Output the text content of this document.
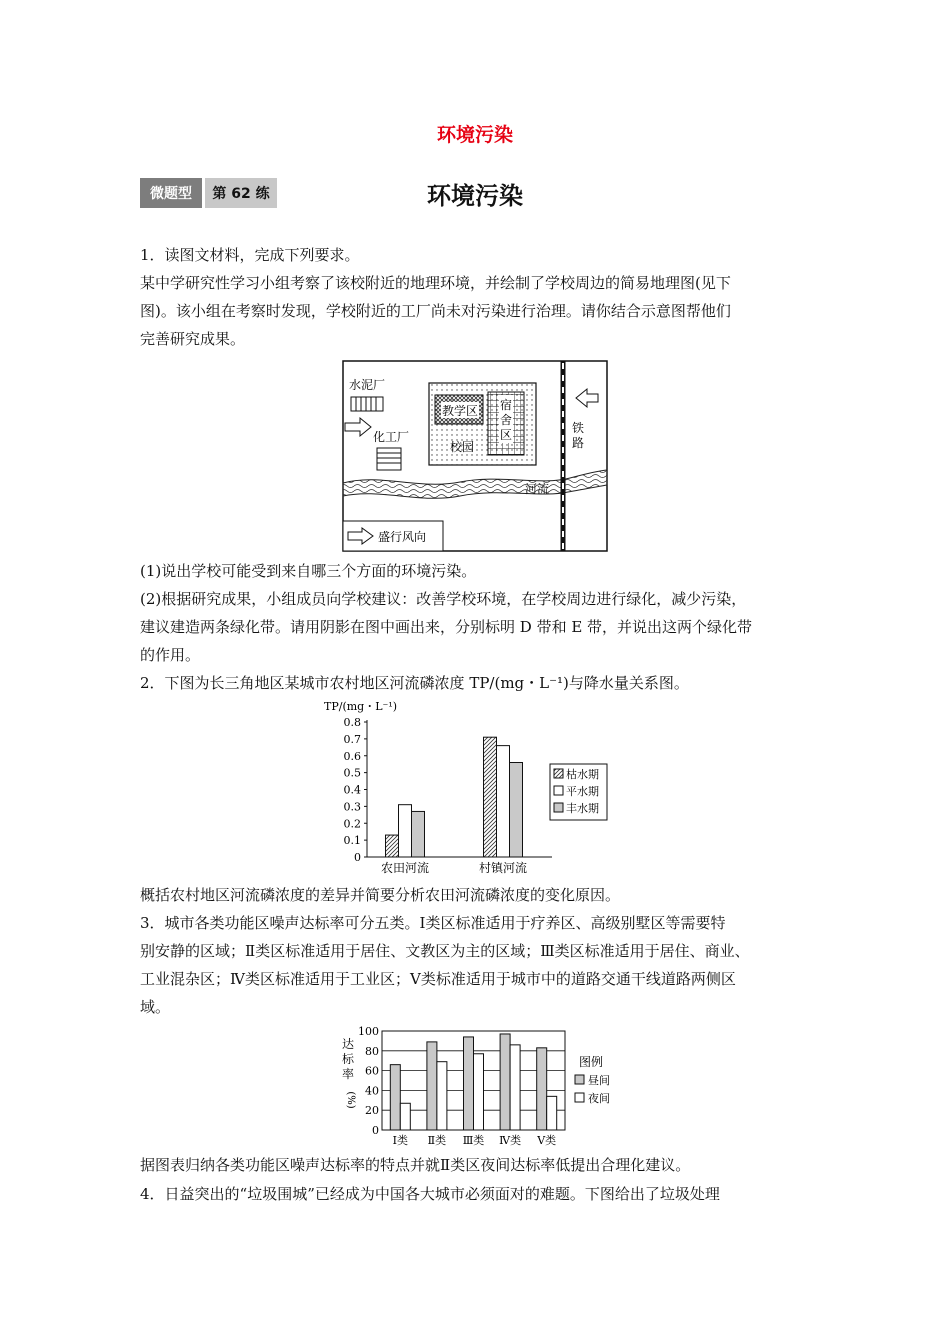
环境污染
微题型	第 62 练	环境污染
1．读图文材料，完成下列要求。
某中学研究性学习小组考察了该校附近的地理环境，并绘制了学校周边的简易地理图(见下
图)。该小组在考察时发现，学校附近的工厂尚未对污染进行治理。请你结合示意图帮他们
完善研究成果。
水泥厂
化工厂
教学区 宿
舍
区
校园
河流
铁
路
盛行风向
(1)说出学校可能受到来自哪三个方面的环境污染。
(2)根据研究成果，小组成员向学校建议：改善学校环境，在学校周边进行绿化，减少污染，
建议建造两条绿化带。请用阴影在图中画出来，分别标明 D 带和 E 带，并说出这两个绿化带
的作用。
2．下图为长三角地区某城市农村地区河流磷浓度 TP/(mg・L⁻¹)与降水量关系图。
TP/(mg・L⁻¹)
0
0.1
0.2
0.3
0.4
0.5
0.6
0.7
0.8
农田河流	村镇河流
枯水期
平水期
丰水期
概括农村地区河流磷浓度的差异并简要分析农田河流磷浓度的变化原因。
3．城市各类功能区噪声达标率可分五类。Ⅰ类区标准适用于疗养区、高级别墅区等需要特
别安静的区域；Ⅱ类区标准适用于居住、文教区为主的区域；Ⅲ类区标准适用于居住、商业、
工业混杂区；Ⅳ类区标准适用于工业区；Ⅴ类标准适用于城市中的道路交通干线道路两侧区
域。
达
标
率
(%)
0
20
40
60
80
100
Ⅰ类 Ⅱ类 Ⅲ类 Ⅳ类 Ⅴ类
图例
昼间
夜间
据图表归纳各类功能区噪声达标率的特点并就Ⅱ类区夜间达标率低提出合理化建议。
4．日益突出的“垃圾围城”已经成为中国各大城市必须面对的难题。下图给出了垃圾处理
